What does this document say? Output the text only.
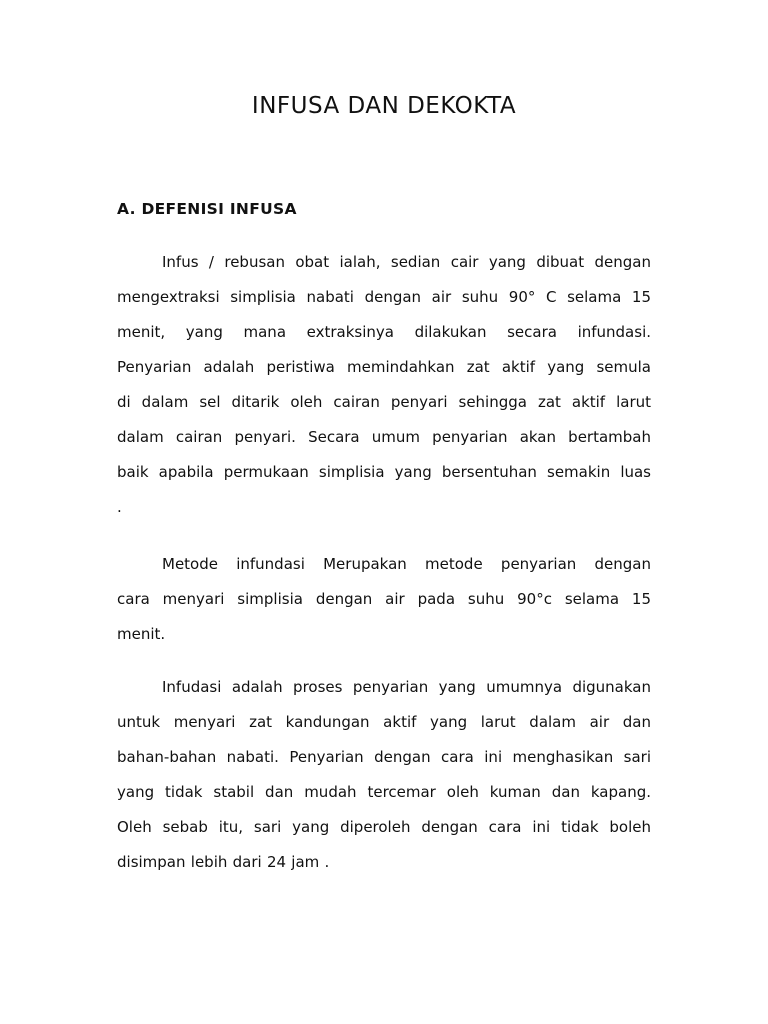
INFUSA DAN DEKOKTA
A. DEFENISI INFUSA
Infus / rebusan obat ialah, sedian cair yang dibuat dengan
mengextraksi simplisia nabati dengan air suhu 90° C selama 15
menit, yang mana extraksinya dilakukan secara infundasi.
Penyarian adalah peristiwa memindahkan zat aktif yang semula
di dalam sel ditarik oleh cairan penyari sehingga zat aktif larut
dalam cairan penyari. Secara umum penyarian akan bertambah
baik apabila permukaan simplisia yang bersentuhan semakin luas
.
Metode infundasi Merupakan metode penyarian dengan
cara menyari simplisia dengan air pada suhu 90°c selama 15
menit.
Infudasi adalah proses penyarian yang umumnya digunakan
untuk menyari zat kandungan aktif yang larut dalam air dan
bahan-bahan nabati. Penyarian dengan cara ini menghasikan sari
yang tidak stabil dan mudah tercemar oleh kuman dan kapang.
Oleh sebab itu, sari yang diperoleh dengan cara ini tidak boleh
disimpan lebih dari 24 jam .
